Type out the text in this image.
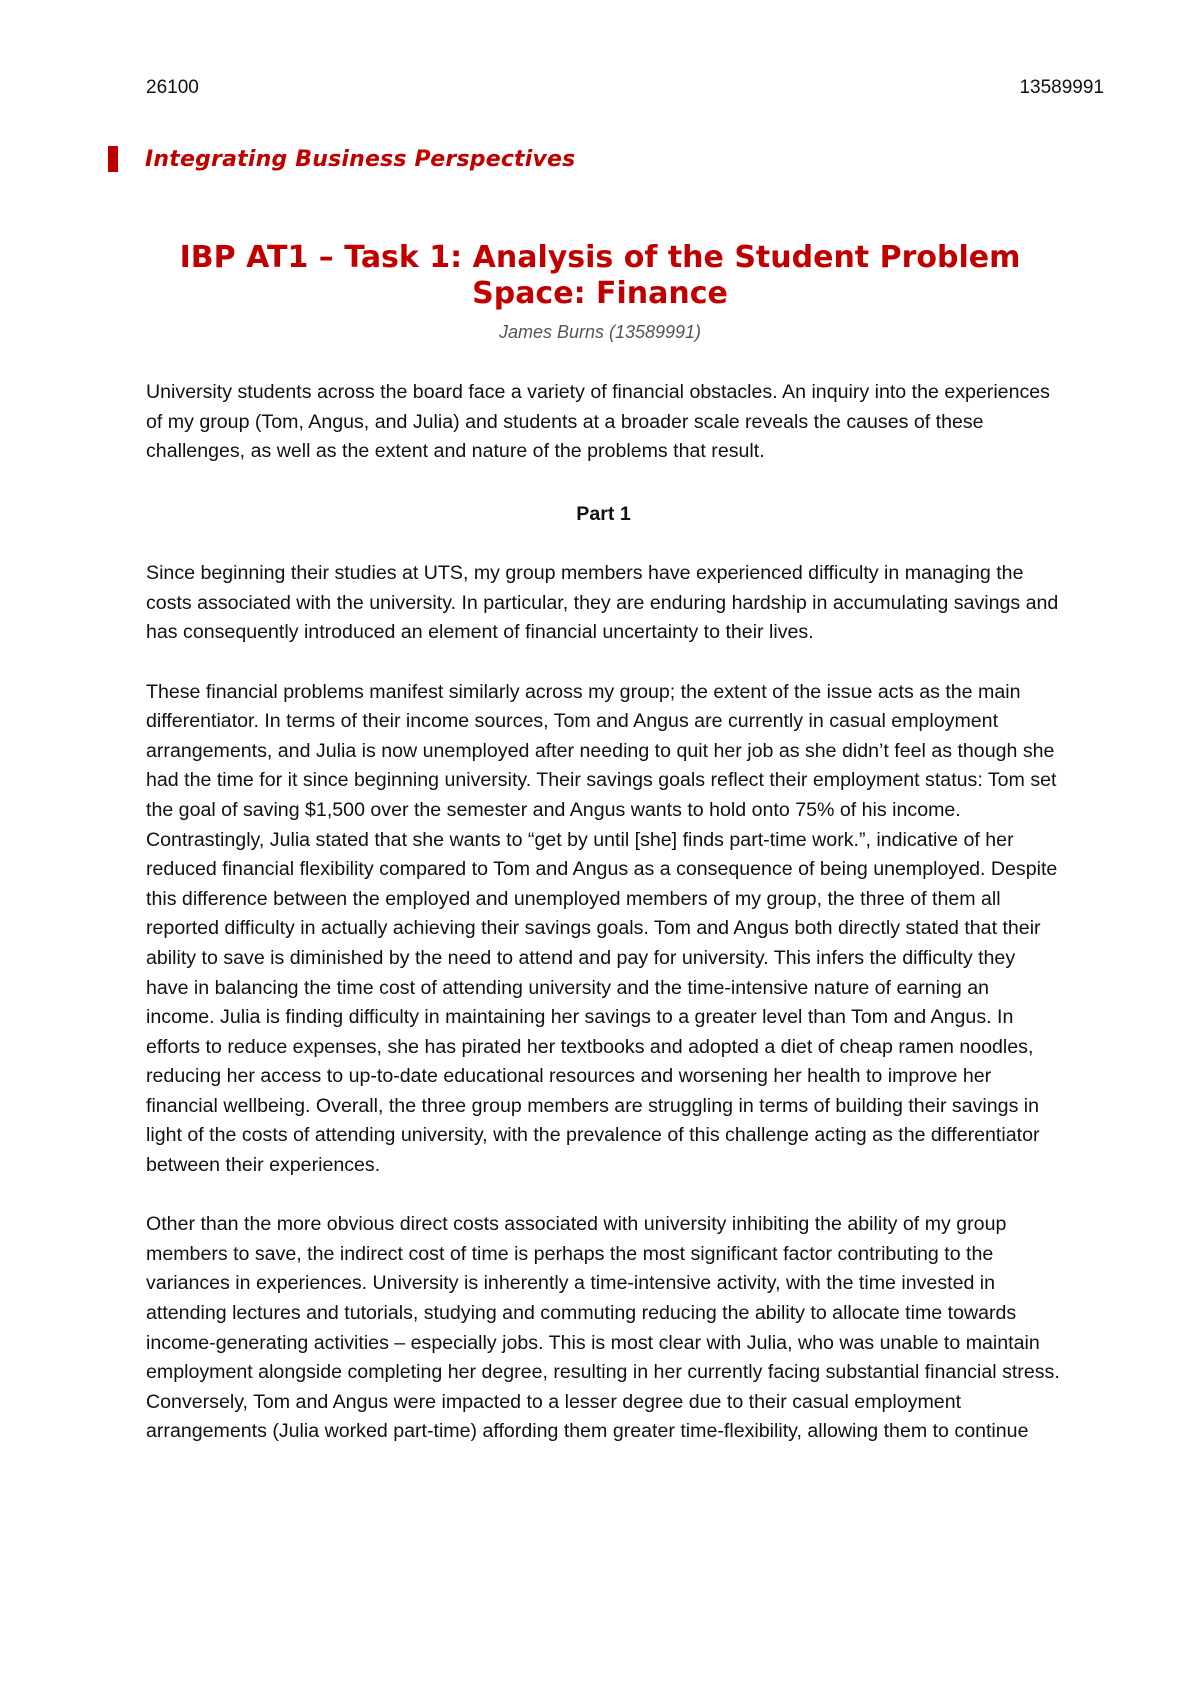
26100	13589991
Integrating Business Perspectives
IBP AT1 – Task 1: Analysis of the Student Problem Space: Finance
James Burns (13589991)

University students across the board face a variety of financial obstacles. An inquiry into the experiences of my group (Tom, Angus, and Julia) and students at a broader scale reveals the causes of these challenges, as well as the extent and nature of the problems that result.

Part 1

Since beginning their studies at UTS, my group members have experienced difficulty in managing the costs associated with the university. In particular, they are enduring hardship in accumulating savings and has consequently introduced an element of financial uncertainty to their lives.

These financial problems manifest similarly across my group; the extent of the issue acts as the main differentiator. In terms of their income sources, Tom and Angus are currently in casual employment arrangements, and Julia is now unemployed after needing to quit her job as she didn’t feel as though she had the time for it since beginning university. Their savings goals reflect their employment status: Tom set the goal of saving $1,500 over the semester and Angus wants to hold onto 75% of his income. Contrastingly, Julia stated that she wants to “get by until [she] finds part-time work.”, indicative of her reduced financial flexibility compared to Tom and Angus as a consequence of being unemployed. Despite this difference between the employed and unemployed members of my group, the three of them all reported difficulty in actually achieving their savings goals. Tom and Angus both directly stated that their ability to save is diminished by the need to attend and pay for university. This infers the difficulty they have in balancing the time cost of attending university and the time-intensive nature of earning an income. Julia is finding difficulty in maintaining her savings to a greater level than Tom and Angus. In efforts to reduce expenses, she has pirated her textbooks and adopted a diet of cheap ramen noodles, reducing her access to up-to-date educational resources and worsening her health to improve her financial wellbeing. Overall, the three group members are struggling in terms of building their savings in light of the costs of attending university, with the prevalence of this challenge acting as the differentiator between their experiences.

Other than the more obvious direct costs associated with university inhibiting the ability of my group members to save, the indirect cost of time is perhaps the most significant factor contributing to the variances in experiences. University is inherently a time-intensive activity, with the time invested in attending lectures and tutorials, studying and commuting reducing the ability to allocate time towards income-generating activities – especially jobs. This is most clear with Julia, who was unable to maintain employment alongside completing her degree, resulting in her currently facing substantial financial stress. Conversely, Tom and Angus were impacted to a lesser degree due to their casual employment arrangements (Julia worked part-time) affording them greater time-flexibility, allowing them to continue
